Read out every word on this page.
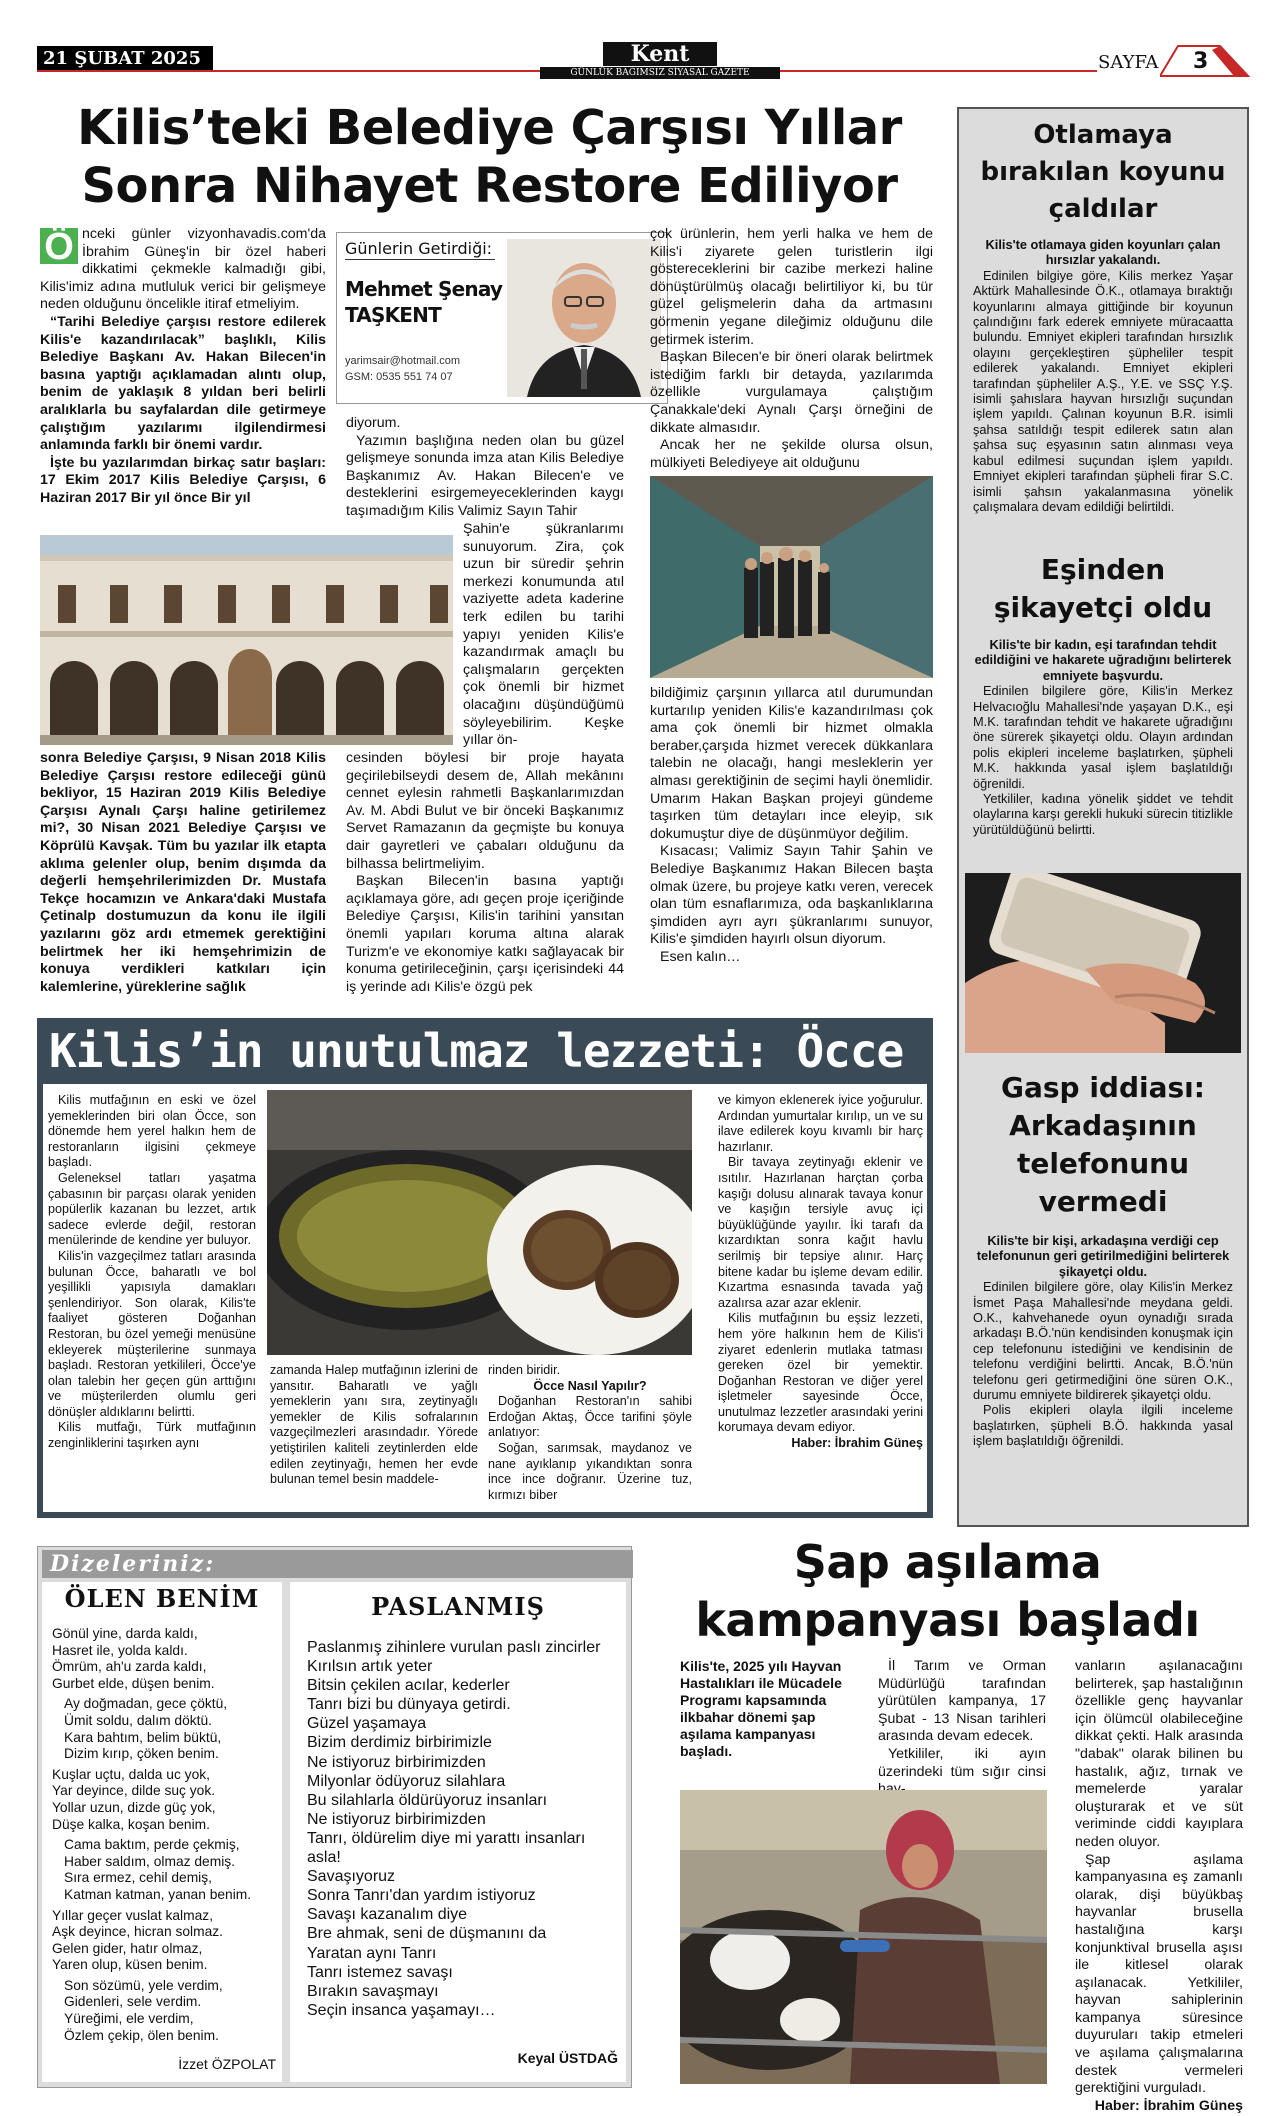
21 ŞUBAT 2025	Kent
GÜNLÜK BAĞIMSIZ SİYASAL GAZETE	SAYFA 3
Kilis’teki Belediye Çarşısı Yıllar
Sonra Nihayet Restore Ediliyor
Ö nceki günler vizyonhavadis.com'da İbrahim Güneş'in bir özel haberi dikkatimi çekmekle kalmadığı gibi, Kilis'imiz adına mutluluk verici bir gelişmeye neden olduğunu öncelikle itiraf etmeliyim.

“Tarihi Belediye çarşısı restore edilerek Kilis'e kazandırılacak” başlıklı, Kilis Belediye Başkanı Av. Hakan Bilecen'in basına yaptığı açıklamadan alıntı olup, benim de yaklaşık 8 yıldan beri belirli aralıklarla bu sayfalardan dile getirmeye çalıştığım yazılarımı ilgilendirmesi anlamında farklı bir önemi vardır.

İşte bu yazılarımdan birkaç satır başları: 17 Ekim 2017 Kilis Belediye Çarşısı, 6 Haziran 2017 Bir yıl önce Bir yıl

sonra Belediye Çarşısı, 9 Nisan 2018 Kilis Belediye Çarşısı restore edileceği günü bekliyor, 15 Haziran 2019 Kilis Belediye Çarşısı Aynalı Çarşı haline getirilemez mi?, 30 Nisan 2021 Belediye Çarşısı ve Köprülü Kavşak. Tüm bu yazılar ilk etapta aklıma gelenler olup, benim dışımda da değerli hemşehrilerimizden Dr. Mustafa Tekçe hocamızın ve Ankara'daki Mustafa Çetinalp dostumuzun da konu ile ilgili yazılarını göz ardı etmemek gerektiğini belirtmek her iki hemşehrimizin de konuya verdikleri katkıları için kalemlerine, yüreklerine sağlık

Günlerin Getirdiği:
Mehmet Şenay
TAŞKENT
yarimsair@hotmail.com
GSM: 0535 551 74 07

diyorum.

Yazımın başlığına neden olan bu güzel gelişmeye sonunda imza atan Kilis Belediye Başkanımız Av. Hakan Bilecen'e ve desteklerini esirgemeyeceklerinden kaygı taşımadığım Kilis Valimiz Sayın Tahir

Şahin'e şükranlarımı sunuyorum. Zira, çok uzun bir süredir şehrin merkezi konumunda atıl vaziyette adeta kaderine terk edilen bu tarihi yapıyı yeniden Kilis'e kazandırmak amaçlı bu çalışmaların gerçekten çok önemli bir hizmet olacağını düşündüğümü söyleyebilirim. Keşke yıllar ön-

cesinden böylesi bir proje hayata geçirilebilseydi desem de, Allah mekânını cennet eylesin rahmetli Başkanlarımızdan Av. M. Abdi Bulut ve bir önceki Başkanımız Servet Ramazanın da geçmişte bu konuya dair gayretleri ve çabaları olduğunu da bilhassa belirtmeliyim.

Başkan Bilecen'in basına yaptığı açıklamaya göre, adı geçen proje içeriğinde Belediye Çarşısı, Kilis'in tarihini yansıtan önemli yapıları koruma altına alarak Turizm'e ve ekonomiye katkı sağlayacak bir konuma getirileceğinin, çarşı içerisindeki 44 iş yerinde adı Kilis'e özgü pek

çok ürünlerin, hem yerli halka ve hem de Kilis'i ziyarete gelen turistlerin ilgi göstereceklerini bir cazibe merkezi haline dönüştürülmüş olacağı belirtiliyor ki, bu tür güzel gelişmelerin daha da artmasını görmenin yegane dileğimiz olduğunu dile getirmek isterim.

Başkan Bilecen'e bir öneri olarak belirtmek istediğim farklı bir detayda, yazılarımda özellikle vurgulamaya çalıştığım Çanakkale'deki Aynalı Çarşı örneğini de dikkate almasıdır.

Ancak her ne şekilde olursa olsun, mülkiyeti Belediyeye ait olduğunu

bildiğimiz çarşının yıllarca atıl durumundan kurtarılıp yeniden Kilis'e kazandırılması çok ama çok önemli bir hizmet olmakla beraber,çarşıda hizmet verecek dükkanlara talebin ne olacağı, hangi mesleklerin yer alması gerektiğinin de seçimi hayli önemlidir. Umarım Hakan Başkan projeyi gündeme taşırken tüm detayları ince eleyip, sık dokumuştur diye de düşünmüyor değilim.

Kısacası; Valimiz Sayın Tahir Şahin ve Belediye Başkanımız Hakan Bilecen başta olmak üzere, bu projeye katkı veren, verecek olan tüm esnaflarımıza, oda başkanlıklarına şimdiden ayrı ayrı şükranlarımı sunuyor, Kilis'e şimdiden hayırlı olsun diyorum.

Esen kalın…

Otlamaya bırakılan koyunu çaldılar

Kilis'te otlamaya giden koyunları çalan hırsızlar yakalandı.

Edinilen bilgiye göre, Kilis merkez Yaşar Aktürk Mahallesinde Ö.K., otlamaya bıraktığı koyunlarını almaya gittiğinde bir koyunun çalındığını fark ederek emniyete müracaatta bulundu. Emniyet ekipleri tarafından hırsızlık olayını gerçekleştiren şüpheliler tespit edilerek yakalandı. Emniyet ekipleri tarafından şüpheliler A.Ş., Y.E. ve SSÇ Y.Ş. isimli şahıslara hayvan hırsızlığı suçundan işlem yapıldı. Çalınan koyunun B.R. isimli şahsa satıldığı tespit edilerek satın alan şahsa suç eşyasının satın alınması veya kabul edilmesi suçundan işlem yapıldı. Emniyet ekipleri tarafından şüpheli firar S.C. isimli şahsın yakalanmasına yönelik çalışmalara devam edildiği belirtildi.

Eşinden şikayetçi oldu

Kilis'te bir kadın, eşi tarafından tehdit edildiğini ve hakarete uğradığını belirterek emniyete başvurdu.

Edinilen bilgilere göre, Kilis'in Merkez Helvacıoğlu Mahallesi'nde yaşayan D.K., eşi M.K. tarafından tehdit ve hakarete uğradığını öne sürerek şikayetçi oldu. Olayın ardından polis ekipleri inceleme başlatırken, şüpheli M.K. hakkında yasal işlem başlatıldığı öğrenildi.

Yetkililer, kadına yönelik şiddet ve tehdit olaylarına karşı gerekli hukuki sürecin titizlikle yürütüldüğünü belirtti.

Gasp iddiası: Arkadaşının telefonunu vermedi

Kilis'te bir kişi, arkadaşına verdiği cep telefonunun geri getirilmediğini belirterek şikayetçi oldu.

Edinilen bilgilere göre, olay Kilis'in Merkez İsmet Paşa Mahallesi'nde meydana geldi. O.K., kahvehanede oyun oynadığı sırada arkadaşı B.Ö.'nün kendisinden konuşmak için cep telefonunu istediğini ve kendisinin de telefonu verdiğini belirtti. Ancak, B.Ö.'nün telefonu geri getirmediğini öne süren O.K., durumu emniyete bildirerek şikayetçi oldu.

Polis ekipleri olayla ilgili inceleme başlatırken, şüpheli B.Ö. hakkında yasal işlem başlatıldığı öğrenildi.

Kilis’in unutulmaz lezzeti: Öcce

Kilis mutfağının en eski ve özel yemeklerinden biri olan Öcce, son dönemde hem yerel halkın hem de restoranların ilgisini çekmeye başladı.

Geleneksel tatları yaşatma çabasının bir parçası olarak yeniden popülerlik kazanan bu lezzet, artık sadece evlerde değil, restoran menülerinde de kendine yer buluyor.

Kilis'in vazgeçilmez tatları arasında bulunan Öcce, baharatlı ve bol yeşillikli yapısıyla damakları şenlendiriyor. Son olarak, Kilis'te faaliyet gösteren Doğanhan Restoran, bu özel yemeği menüsüne ekleyerek müşterilerine sunmaya başladı. Restoran yetkilileri, Öcce'ye olan talebin her geçen gün arttığını ve müşterilerden olumlu geri dönüşler aldıklarını belirtti.

Kilis mutfağı, Türk mutfağının zenginliklerini taşırken aynı

zamanda Halep mutfağının izlerini de yansıtır. Baharatlı ve yağlı yemeklerin yanı sıra, zeytinyağlı yemekler de Kilis sofralarının vazgeçilmezleri arasındadır. Yörede yetiştirilen kaliteli zeytinlerden elde edilen zeytinyağı, hemen her evde bulunan temel besin maddele-

rinden biridir.

Öcce Nasıl Yapılır?

Doğanhan Restoran'ın sahibi Erdoğan Aktaş, Öcce tarifini şöyle anlatıyor:

Soğan, sarımsak, maydanoz ve nane ayıklanıp yıkandıktan sonra ince ince doğranır. Üzerine tuz, kırmızı biber

ve kimyon eklenerek iyice yoğurulur. Ardından yumurtalar kırılıp, un ve su ilave edilerek koyu kıvamlı bir harç hazırlanır.

Bir tavaya zeytinyağı eklenir ve ısıtılır. Hazırlanan harçtan çorba kaşığı dolusu alınarak tavaya konur ve kaşığın tersiyle avuç içi büyüklüğünde yayılır. İki tarafı da kızardıktan sonra kağıt havlu serilmiş bir tepsiye alınır. Harç bitene kadar bu işleme devam edilir. Kızartma esnasında tavada yağ azalırsa azar azar eklenir.

Kilis mutfağının bu eşsiz lezzeti, hem yöre halkının hem de Kilis'i ziyaret edenlerin mutlaka tatması gereken özel bir yemektir. Doğanhan Restoran ve diğer yerel işletmeler sayesinde Öcce, unutulmaz lezzetler arasındaki yerini korumaya devam ediyor.

Haber: İbrahim Güneş
Dizeleriniz:
ÖLEN BENİM
Gönül yine, darda kaldı,
Hasret ile, yolda kaldı.
Ömrüm, ah'u zarda kaldı,
Gurbet elde, düşen benim.
Ay doğmadan, gece çöktü,
Ümit soldu, dalım döktü.
Kara bahtım, belim büktü,
Dizim kırıp, çöken benim.
Kuşlar uçtu, dalda uc yok,
Yar deyince, dilde suç yok.
Yollar uzun, dizde güç yok,
Düşe kalka, koşan benim.
Cama baktım, perde çekmiş,
Haber saldım, olmaz demiş.
Sıra ermez, cehil demiş,
Katman katman, yanan benim.
Yıllar geçer vuslat kalmaz,
Aşk deyince, hicran solmaz.
Gelen gider, hatır olmaz,
Yaren olup, küsen benim.
Son sözümü, yele verdim,
Gidenleri, sele verdim.
Yüreğimi, ele verdim,
Özlem çekip, ölen benim.
İzzet ÖZPOLAT
PASLANMIŞ
Paslanmış zihinlere vurulan paslı zincirler
Kırılsın artık yeter
Bitsin çekilen acılar, kederler
Tanrı bizi bu dünyaya getirdi.
Güzel yaşamaya
Bizim derdimiz birbirimizle
Ne istiyoruz birbirimizden
Milyonlar ödüyoruz silahlara
Bu silahlarla öldürüyoruz insanları
Ne istiyoruz birbirimizden
Tanrı, öldürelim diye mi yarattı insanları
asla!
Savaşıyoruz
Sonra Tanrı'dan yardım istiyoruz
Savaşı kazanalım diye
Bre ahmak, seni de düşmanını da
Yaratan aynı Tanrı
Tanrı istemez savaşı
Bırakın savaşmayı
Seçin insanca yaşamayı…
Keyal ÜSTDAĞ
Şap aşılama
kampanyası başladı
Kilis'te, 2025 yılı Hayvan Hastalıkları ile Mücadele Programı kapsamında ilkbahar dönemi şap aşılama kampanyası başladı.

İl Tarım ve Orman Müdürlüğü tarafından yürütülen kampanya, 17 Şubat - 13 Nisan tarihleri arasında devam edecek.

Yetkililer, iki ayın üzerindeki tüm sığır cinsi

vanların aşılanacağını belirterek, şap hastalığının özellikle genç hayvanlar için ölümcül olabileceğine dikkat çekti. Halk arasında "dabak" olarak bilinen bu hastalık, ağız, tırnak ve memelerde yaralar oluşturarak et ve süt veriminde ciddi kayıplara neden oluyor.

Şap aşılama kampanyasına eş zamanlı olarak, dişi büyükbaş hayvanlar brusella hastalığına karşı konjunktival brusella aşısı ile kitlesel olarak aşılanacak. Yetkililer, hayvan sahiplerinin kampanya süresince duyuruları takip etmeleri ve aşılama çalışmalarına destek vermeleri gerektiğini vurguladı.

Haber: İbrahim Güneş
